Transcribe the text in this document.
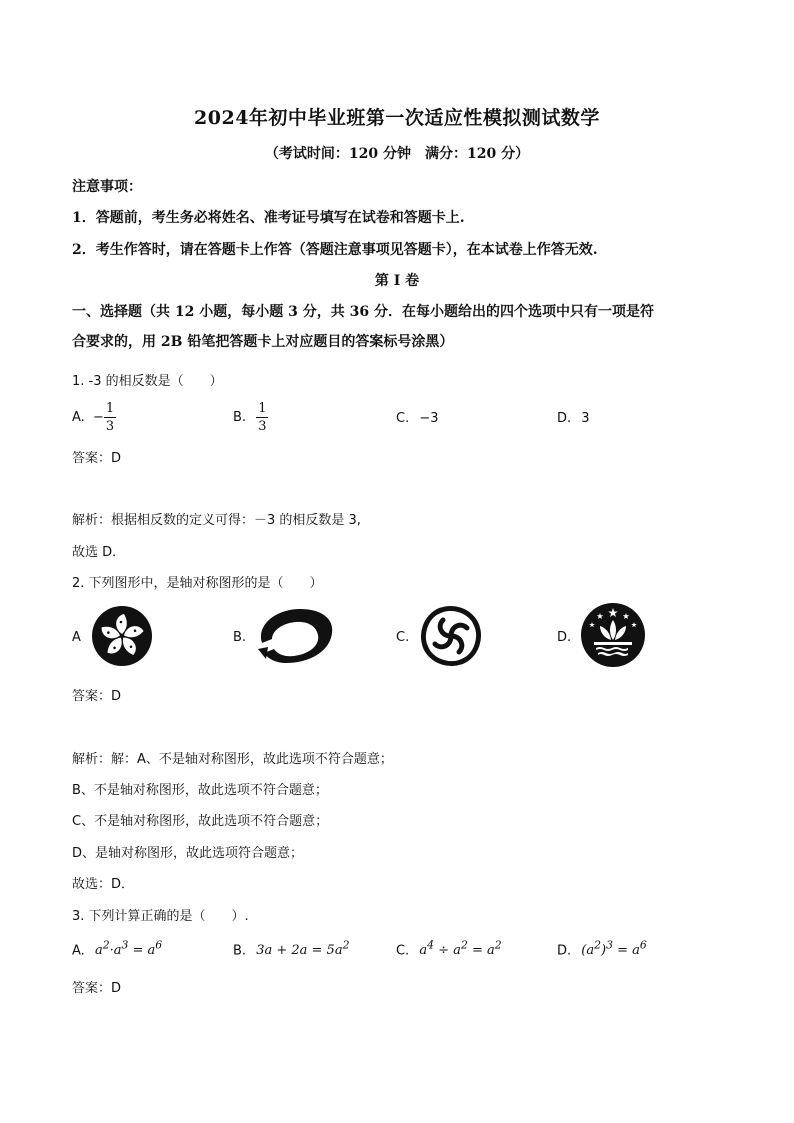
2024年初中毕业班第一次适应性模拟测试数学
（考试时间：120 分钟　满分：120 分）
注意事项：
1．答题前，考生务必将姓名、准考证号填写在试卷和答题卡上.
2．考生作答时，请在答题卡上作答（答题注意事项见答题卡），在本试卷上作答无效.
第 I 卷
一、选择题（共 12 小题，每小题 3 分，共 36 分．在每小题给出的四个选项中只有一项是符
合要求的，用 2B 铅笔把答题卡上对应题目的答案标号涂黑）
1. -3 的相反数是（　　）
A. − $\frac{1}{3}$	B. $\frac{1}{3}$	C. −3	D. 3
答案：D
解析：根据相反数的定义可得：－3 的相反数是 3,
故选 D．
2. 下列图形中，是轴对称图形的是（　　）
A	B.	C.	D.
答案：D
解析：解：A、不是轴对称图形，故此选项不符合题意；
B、不是轴对称图形，故此选项不符合题意；
C、不是轴对称图形，故此选项不符合题意；
D、是轴对称图形，故此选项符合题意；
故选：D．
3. 下列计算正确的是（　　）.
A. $a^2\cdot a^3 = a^6$	B. $3a + 2a = 5a^2$	C. $a^4 \div a^2 = a^2$	D. $(a^2)^3 = a^6$
答案：D
